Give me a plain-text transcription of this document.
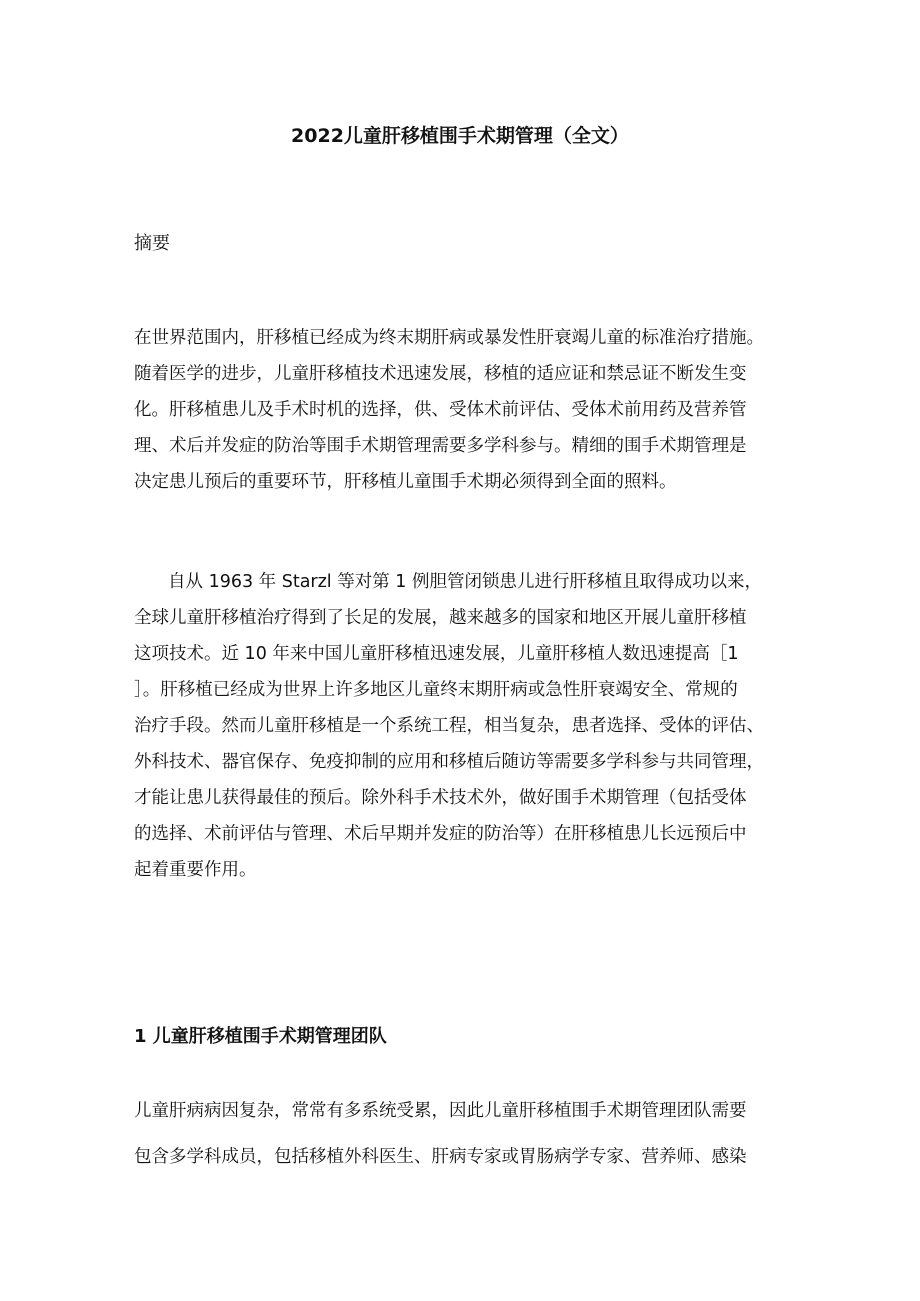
2022儿童肝移植围手术期管理（全文）
摘要
在世界范围内，肝移植已经成为终末期肝病或暴发性肝衰竭儿童的标准治疗措施。
随着医学的进步，儿童肝移植技术迅速发展，移植的适应证和禁忌证不断发生变
化。肝移植患儿及手术时机的选择，供、受体术前评估、受体术前用药及营养管
理、术后并发症的防治等围手术期管理需要多学科参与。精细的围手术期管理是
决定患儿预后的重要环节，肝移植儿童围手术期必须得到全面的照料。
自从 1963 年 Starzl 等对第 1 例胆管闭锁患儿进行肝移植且取得成功以来，
全球儿童肝移植治疗得到了长足的发展，越来越多的国家和地区开展儿童肝移植
这项技术。近 10 年来中国儿童肝移植迅速发展，儿童肝移植人数迅速提高［1
］。肝移植已经成为世界上许多地区儿童终末期肝病或急性肝衰竭安全、常规的
治疗手段。然而儿童肝移植是一个系统工程，相当复杂，患者选择、受体的评估、
外科技术、器官保存、免疫抑制的应用和移植后随访等需要多学科参与共同管理，
才能让患儿获得最佳的预后。除外科手术技术外，做好围手术期管理（包括受体
的选择、术前评估与管理、术后早期并发症的防治等）在肝移植患儿长远预后中
起着重要作用。
1 儿童肝移植围手术期管理团队
儿童肝病病因复杂，常常有多系统受累，因此儿童肝移植围手术期管理团队需要
包含多学科成员，包括移植外科医生、肝病专家或胃肠病学专家、营养师、感染
